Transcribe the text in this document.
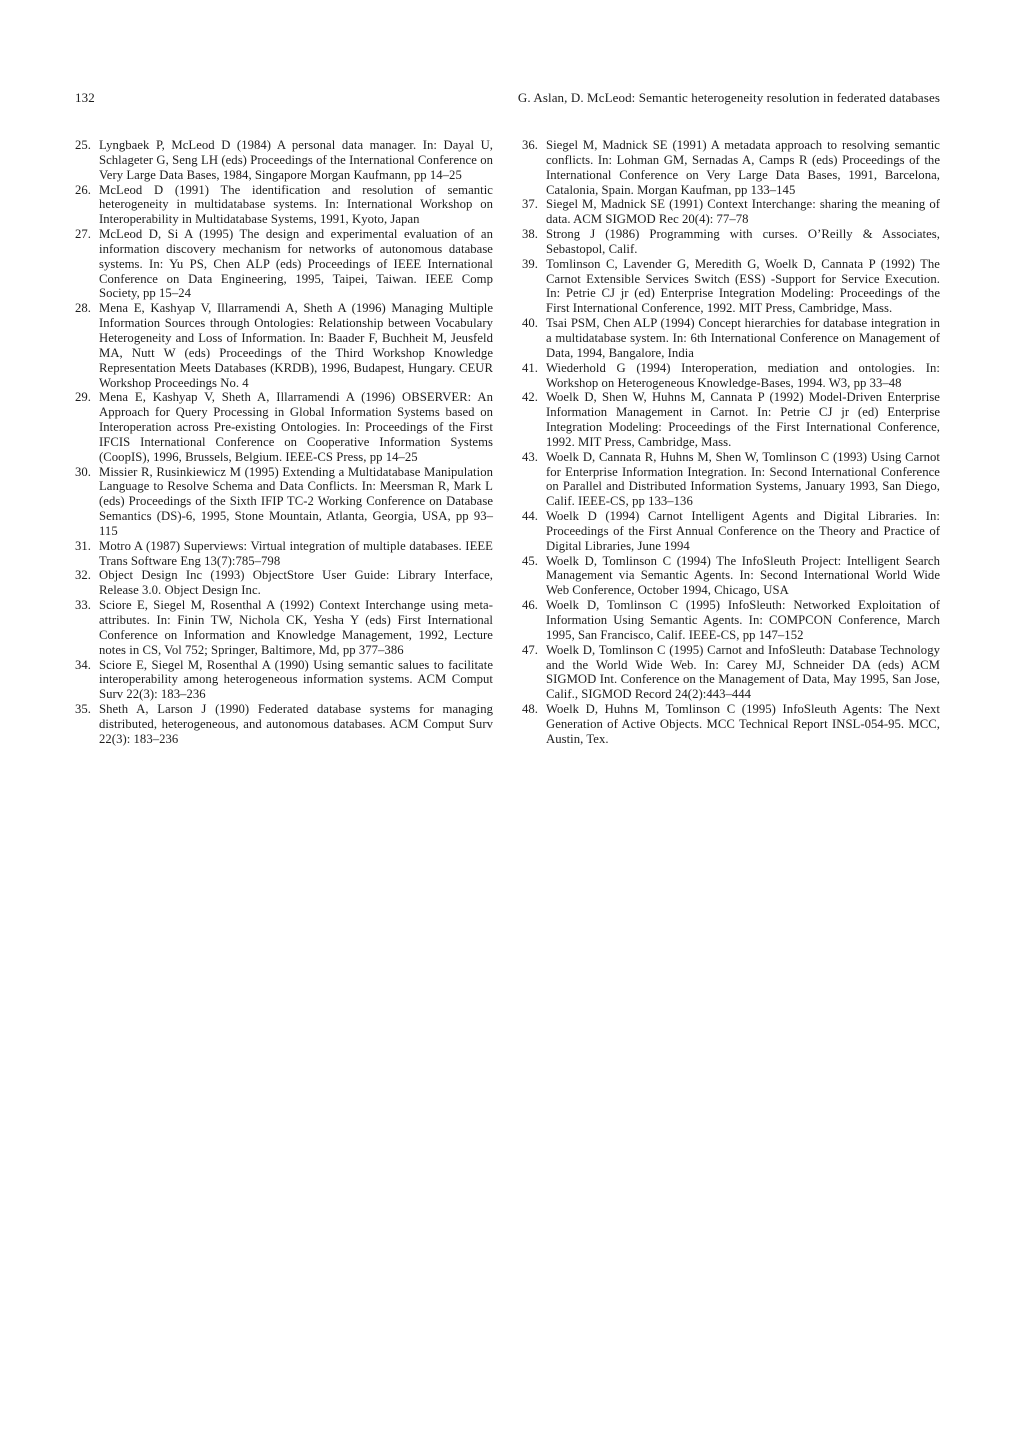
132	G. Aslan, D. McLeod: Semantic heterogeneity resolution in federated databases
25. Lyngbaek P, McLeod D (1984) A personal data manager. In: Dayal U, Schlageter G, Seng LH (eds) Proceedings of the International Conference on Very Large Data Bases, 1984, Singapore Morgan Kaufmann, pp 14–25
26. McLeod D (1991) The identification and resolution of semantic heterogeneity in multidatabase systems. In: International Workshop on Interoperability in Multidatabase Systems, 1991, Kyoto, Japan
27. McLeod D, Si A (1995) The design and experimental evaluation of an information discovery mechanism for networks of autonomous database systems. In: Yu PS, Chen ALP (eds) Proceedings of IEEE International Conference on Data Engineering, 1995, Taipei, Taiwan. IEEE Comp Society, pp 15–24
28. Mena E, Kashyap V, Illarramendi A, Sheth A (1996) Managing Multiple Information Sources through Ontologies: Relationship between Vocabulary Heterogeneity and Loss of Information. In: Baader F, Buchheit M, Jeusfeld MA, Nutt W (eds) Proceedings of the Third Workshop Knowledge Representation Meets Databases (KRDB), 1996, Budapest, Hungary. CEUR Workshop Proceedings No. 4
29. Mena E, Kashyap V, Sheth A, Illarramendi A (1996) OBSERVER: An Approach for Query Processing in Global Information Systems based on Interoperation across Pre-existing Ontologies. In: Proceedings of the First IFCIS International Conference on Cooperative Information Systems (CoopIS), 1996, Brussels, Belgium. IEEE-CS Press, pp 14–25
30. Missier R, Rusinkiewicz M (1995) Extending a Multidatabase Manipulation Language to Resolve Schema and Data Conflicts. In: Meersman R, Mark L (eds) Proceedings of the Sixth IFIP TC-2 Working Conference on Database Semantics (DS)-6, 1995, Stone Mountain, Atlanta, Georgia, USA, pp 93–115
31. Motro A (1987) Superviews: Virtual integration of multiple databases. IEEE Trans Software Eng 13(7):785–798
32. Object Design Inc (1993) ObjectStore User Guide: Library Interface, Release 3.0. Object Design Inc.
33. Sciore E, Siegel M, Rosenthal A (1992) Context Interchange using meta-attributes. In: Finin TW, Nichola CK, Yesha Y (eds) First International Conference on Information and Knowledge Management, 1992, Lecture notes in CS, Vol 752; Springer, Baltimore, Md, pp 377–386
34. Sciore E, Siegel M, Rosenthal A (1990) Using semantic salues to facilitate interoperability among heterogeneous information systems. ACM Comput Surv 22(3): 183–236
35. Sheth A, Larson J (1990) Federated database systems for managing distributed, heterogeneous, and autonomous databases. ACM Comput Surv 22(3): 183–236
36. Siegel M, Madnick SE (1991) A metadata approach to resolving semantic conflicts. In: Lohman GM, Sernadas A, Camps R (eds) Proceedings of the International Conference on Very Large Data Bases, 1991, Barcelona, Catalonia, Spain. Morgan Kaufman, pp 133–145
37. Siegel M, Madnick SE (1991) Context Interchange: sharing the meaning of data. ACM SIGMOD Rec 20(4): 77–78
38. Strong J (1986) Programming with curses. O’Reilly & Associates, Sebastopol, Calif.
39. Tomlinson C, Lavender G, Meredith G, Woelk D, Cannata P (1992) The Carnot Extensible Services Switch (ESS) -Support for Service Execution. In: Petrie CJ jr (ed) Enterprise Integration Modeling: Proceedings of the First International Conference, 1992. MIT Press, Cambridge, Mass.
40. Tsai PSM, Chen ALP (1994) Concept hierarchies for database integration in a multidatabase system. In: 6th International Conference on Management of Data, 1994, Bangalore, India
41. Wiederhold G (1994) Interoperation, mediation and ontologies. In: Workshop on Heterogeneous Knowledge-Bases, 1994. W3, pp 33–48
42. Woelk D, Shen W, Huhns M, Cannata P (1992) Model-Driven Enterprise Information Management in Carnot. In: Petrie CJ jr (ed) Enterprise Integration Modeling: Proceedings of the First International Conference, 1992. MIT Press, Cambridge, Mass.
43. Woelk D, Cannata R, Huhns M, Shen W, Tomlinson C (1993) Using Carnot for Enterprise Information Integration. In: Second International Conference on Parallel and Distributed Information Systems, January 1993, San Diego, Calif. IEEE-CS, pp 133–136
44. Woelk D (1994) Carnot Intelligent Agents and Digital Libraries. In: Proceedings of the First Annual Conference on the Theory and Practice of Digital Libraries, June 1994
45. Woelk D, Tomlinson C (1994) The InfoSleuth Project: Intelligent Search Management via Semantic Agents. In: Second International World Wide Web Conference, October 1994, Chicago, USA
46. Woelk D, Tomlinson C (1995) InfoSleuth: Networked Exploitation of Information Using Semantic Agents. In: COMPCON Conference, March 1995, San Francisco, Calif. IEEE-CS, pp 147–152
47. Woelk D, Tomlinson C (1995) Carnot and InfoSleuth: Database Technology and the World Wide Web. In: Carey MJ, Schneider DA (eds) ACM SIGMOD Int. Conference on the Management of Data, May 1995, San Jose, Calif., SIGMOD Record 24(2):443–444
48. Woelk D, Huhns M, Tomlinson C (1995) InfoSleuth Agents: The Next Generation of Active Objects. MCC Technical Report INSL-054-95. MCC, Austin, Tex.
